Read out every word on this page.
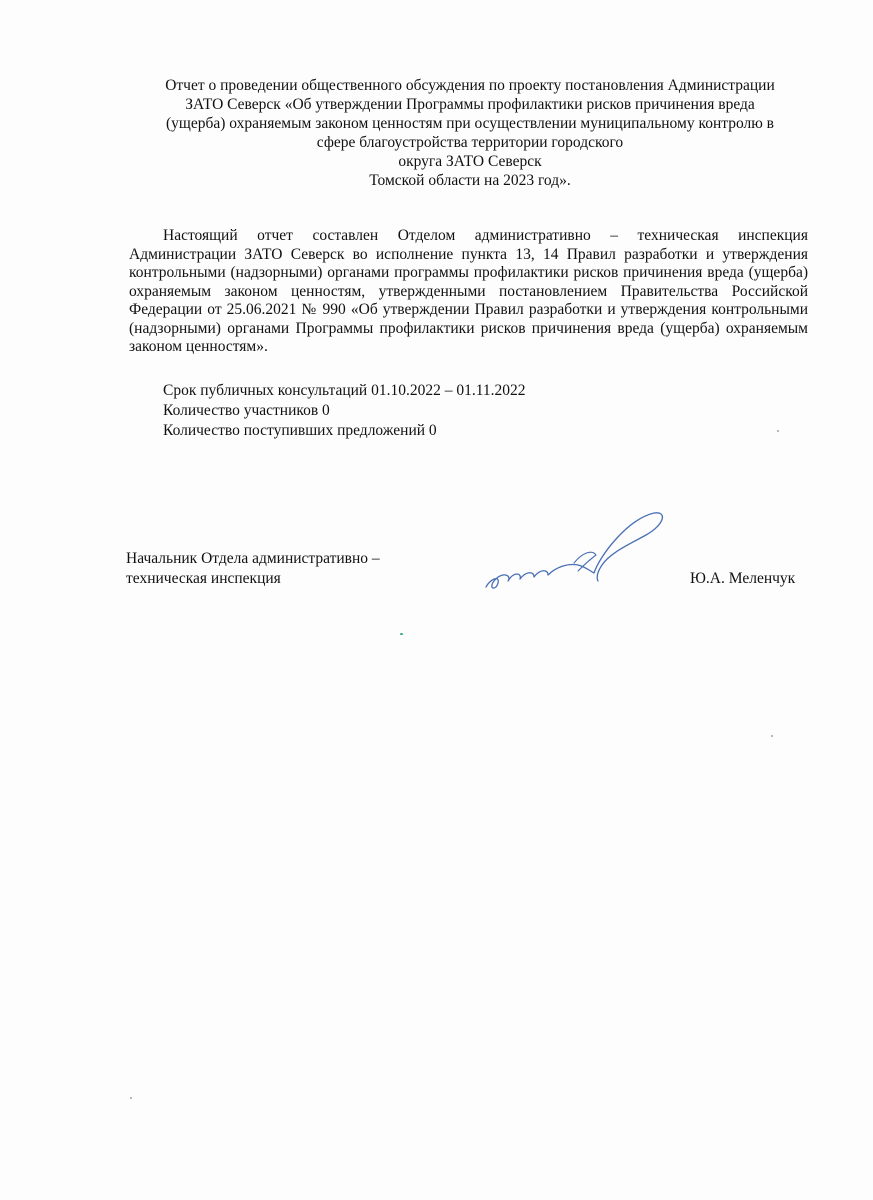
Отчет о проведении общественного обсуждения по проекту постановления Администрации
ЗАТО Северск «Об утверждении Программы профилактики рисков причинения вреда
(ущерба) охраняемым законом ценностям при осуществлении муниципальному контролю в
сфере благоустройства территории городского
округа ЗАТО Северск
Томской области на 2023 год».
Настоящий отчет составлен Отделом административно – техническая инспекция Администрации ЗАТО Северск во исполнение пункта 13, 14 Правил разработки и утверждения контрольными (надзорными) органами программы профилактики рисков причинения вреда (ущерба) охраняемым законом ценностям, утвержденными постановлением Правительства Российской Федерации от 25.06.2021 № 990 «Об утверждении Правил разработки и утверждения контрольными (надзорными) органами Программы профилактики рисков причинения вреда (ущерба) охраняемым законом ценностям».
Срок публичных консультаций 01.10.2022 – 01.11.2022
Количество участников 0
Количество поступивших предложений 0
Начальник Отдела административно –
техническая инспекция	Ю.А. Меленчук
